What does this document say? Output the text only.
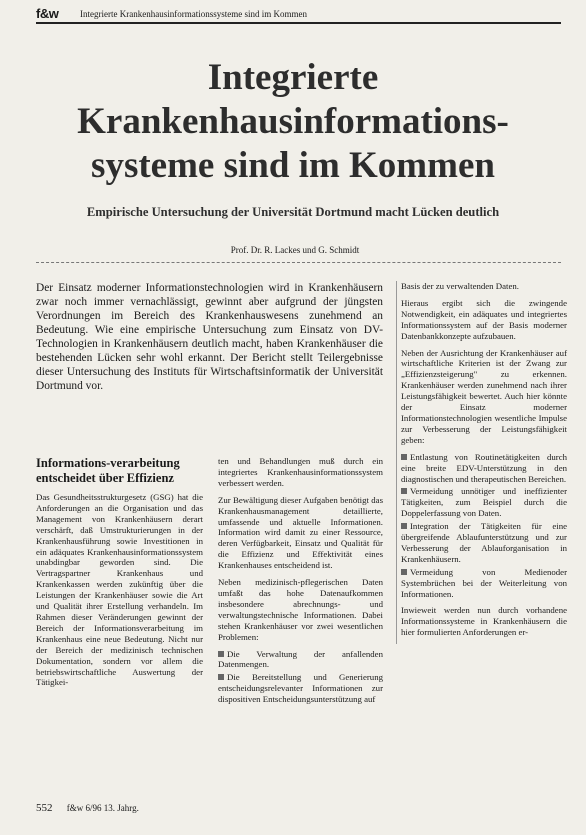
f&w Integrierte Krankenhausinformationssysteme sind im Kommen
Integrierte
Krankenhausinformations-
systeme sind im Kommen
Empirische Untersuchung der Universität Dortmund macht Lücken deutlich
Prof. Dr. R. Lackes und G. Schmidt

Der Einsatz moderner Informationstechnologien wird in Krankenhäusern zwar noch immer vernachlässigt, gewinnt aber aufgrund der jüngsten Verordnungen im Bereich des Krankenhauswesens zunehmend an Bedeutung. Wie eine empirische Untersuchung zum Einsatz von DV-Technologien in Krankenhäusern deutlich macht, haben Krankenhäuser die bestehenden Lücken sehr wohl erkannt. Der Bericht stellt Teilergebnisse dieser Untersuchung des Instituts für Wirtschaftsinformatik der Universität Dortmund vor.

Informations-verarbeitung entscheidet über Effizienz

Das Gesundheitsstrukturgesetz (GSG) hat die Anforderungen an die Organisation und das Management von Krankenhäusern derart verschärft, daß Umstrukturierungen in der Krankenhausführung sowie Investitionen in ein adäquates Krankenhausinformationssystem unabdingbar geworden sind. Die Vertragspartner Krankenhaus und Krankenkassen werden zukünftig über die Leistungen der Krankenhäuser sowie die Art und Qualität ihrer Erstellung verhandeln. Im Rahmen dieser Veränderungen gewinnt der Bereich der Informationsverarbeitung im Krankenhaus eine neue Bedeutung. Nicht nur der Bereich der medizinisch technischen Dokumentation, sondern vor allem die betriebswirtschaftliche Auswertung der Tätigkei-

ten und Behandlungen muß durch ein integriertes Krankenhausinformationssystem verbessert werden.

Zur Bewältigung dieser Aufgaben benötigt das Krankenhausmanagement detaillierte, umfassende und aktuelle Informationen. Information wird damit zu einer Ressource, deren Verfügbarkeit, Einsatz und Qualität für die Effizienz und Effektivität eines Krankenhauses entscheidend ist.

Neben medizinisch-pflegerischen Daten umfaßt das hohe Datenaufkommen insbesondere abrechnungs- und verwaltungstechnische Informationen. Dabei stehen Krankenhäuser vor zwei wesentlichen Problemen:

Die Verwaltung der anfallenden Datenmengen.
Die Bereitstellung und Generierung entscheidungsrelevanter Informationen zur dispositiven Entscheidungsunterstützung auf

Basis der zu verwaltenden Daten.

Hieraus ergibt sich die zwingende Notwendigkeit, ein adäquates und integriertes Informationssystem auf der Basis moderner Datenbankkonzepte aufzubauen.

Neben der Ausrichtung der Krankenhäuser auf wirtschaftliche Kriterien ist der Zwang zur „Effizienzsteigerung" zu erkennen. Krankenhäuser werden zunehmend nach ihrer Leistungsfähigkeit bewertet. Auch hier könnte der Einsatz moderner Informationstechnologien wesentliche Impulse zur Verbesserung der Leistungsfähigkeit geben:

Entlastung von Routinetätigkeiten durch eine breite EDV-Unterstützung in den diagnostischen und therapeutischen Bereichen.
Vermeidung unnötiger und ineffizienter Tätigkeiten, zum Beispiel durch die Doppelerfassung von Daten.
Integration der Tätigkeiten für eine übergreifende Ablaufunterstützung und zur Verbesserung der Ablauforganisation in Krankenhäusern.
Vermeidung von Medienoder Systembrüchen bei der Weiterleitung von Informationen.

Inwieweit werden nun durch vorhandene Informationssysteme in Krankenhäusern die hier formulierten Anforderungen er-

552 f&w 6/96 13. Jahrg.
